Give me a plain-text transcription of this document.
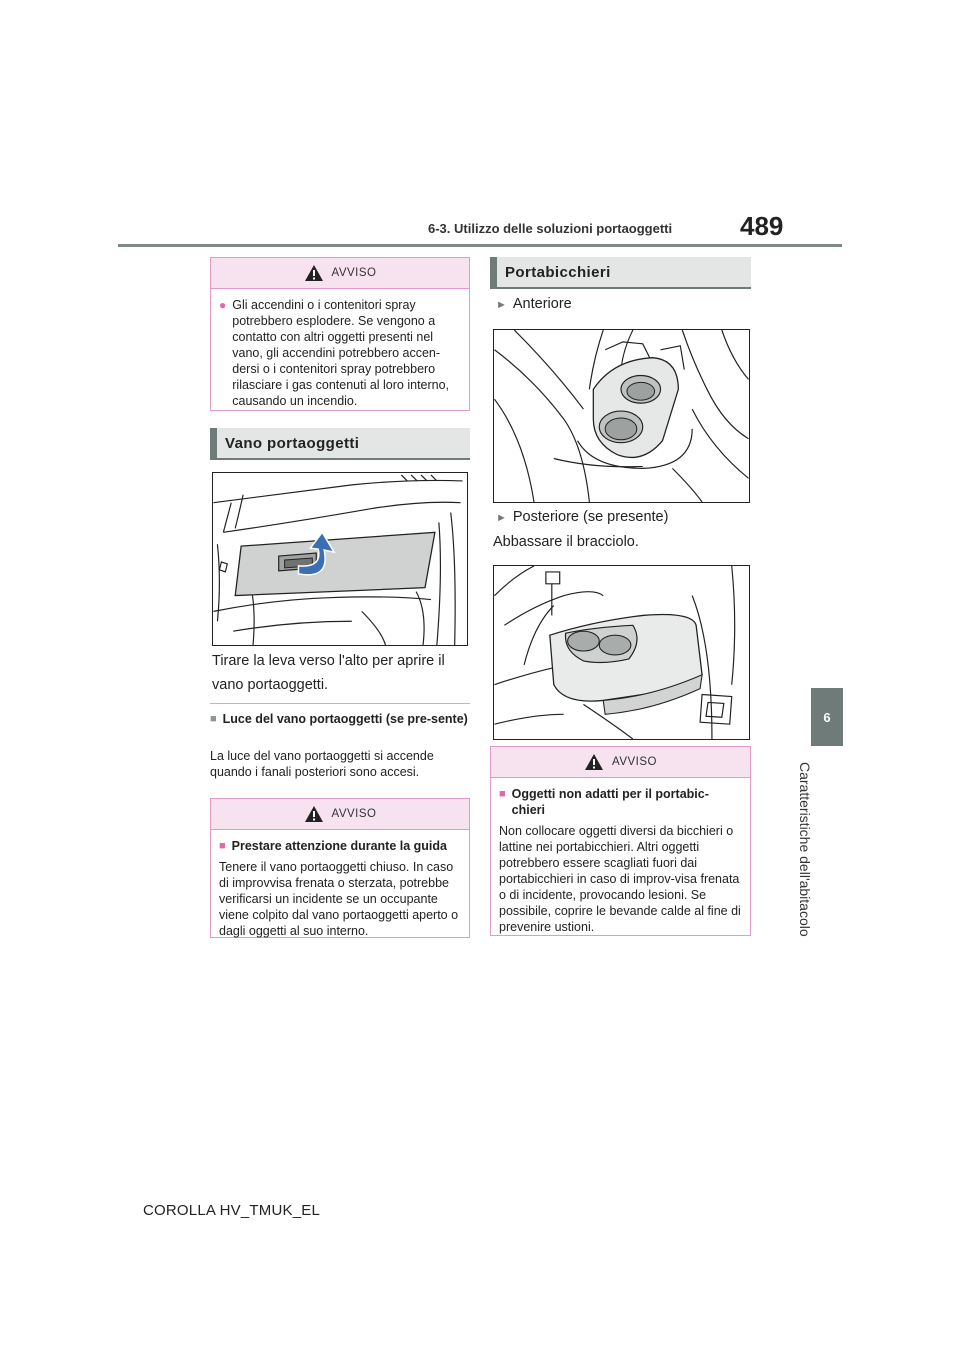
6-3. Utilizzo delle soluzioni portaoggetti	489
6
Caratteristiche dell'abitacolo
AVVISO
● Gli accendini o i contenitori spray potrebbero esplodere. Se vengono a contatto con altri oggetti presenti nel vano, gli accendini potrebbero accen-dersi o i contenitori spray potrebbero rilasciare i gas contenuti al loro interno, causando un incendio.
Vano portaoggetti
Tirare la leva verso l'alto per aprire il vano portaoggetti.
■ Luce del vano portaoggetti (se pre-sente)
La luce del vano portaoggetti si accende quando i fanali posteriori sono accesi.
AVVISO
■ Prestare attenzione durante la guida
Tenere il vano portaoggetti chiuso. In caso di improvvisa frenata o sterzata, potrebbe verificarsi un incidente se un occupante viene colpito dal vano portaoggetti aperto o dagli oggetti al suo interno.
Portabicchieri
► Anteriore
► Posteriore (se presente)
Abbassare il bracciolo.
AVVISO
■ Oggetti non adatti per il portabic-chieri
Non collocare oggetti diversi da bicchieri o lattine nei portabicchieri. Altri oggetti potrebbero essere scagliati fuori dai portabicchieri in caso di improv-visa frenata o di incidente, provocando lesioni. Se possibile, coprire le bevande calde al fine di prevenire ustioni.
COROLLA HV_TMUK_EL
